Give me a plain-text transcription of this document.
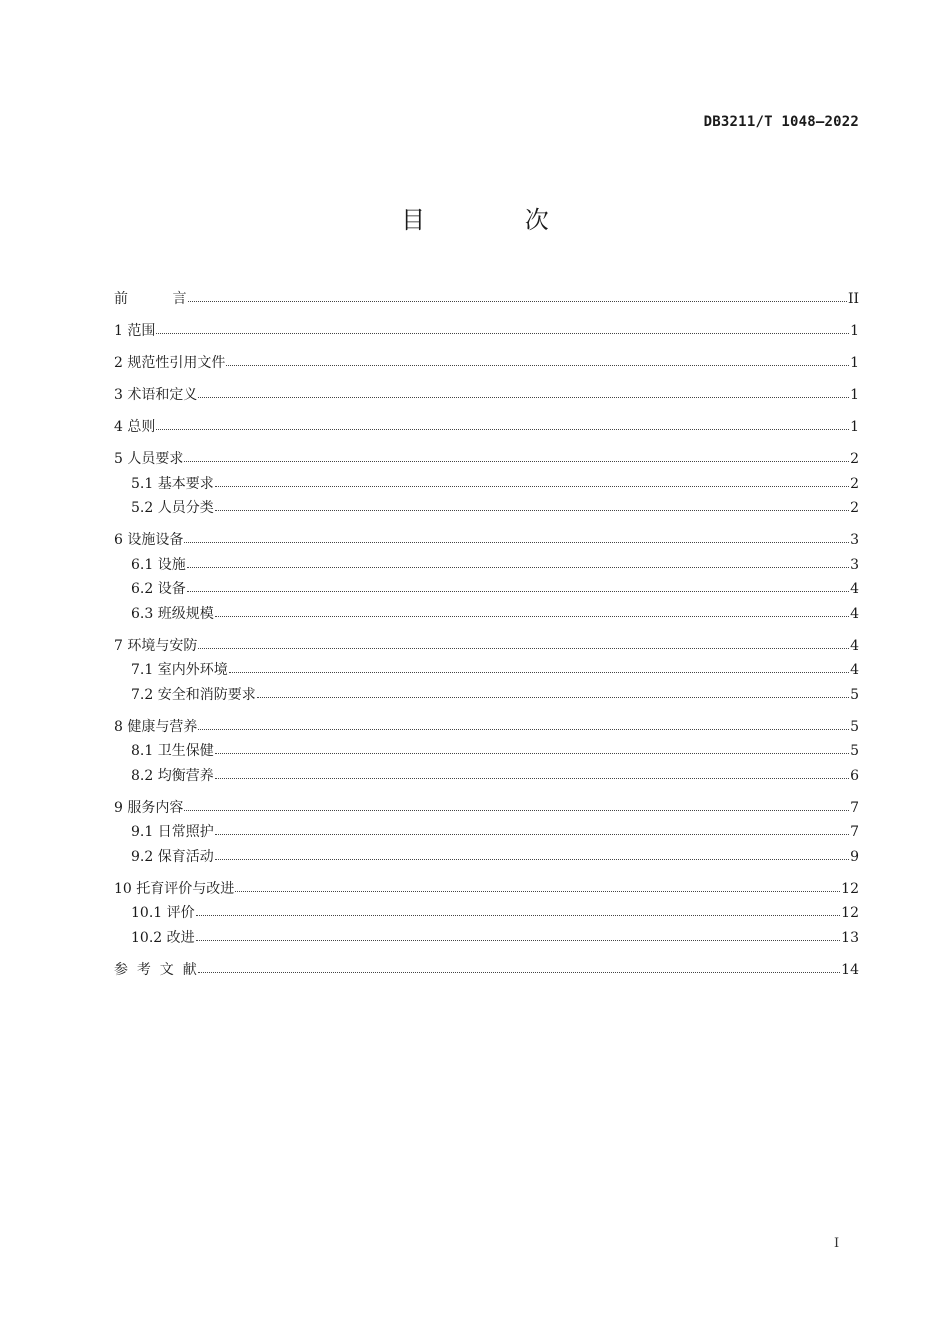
DB3211/T 1048—2022
目 次
前          言	II
1 范围	1
2 规范性引用文件	1
3 术语和定义	1
4 总则	1
5 人员要求	2
5.1 基本要求	2
5.2 人员分类	2
6 设施设备	3
6.1 设施	3
6.2 设备	4
6.3 班级规模	4
7 环境与安防	4
7.1 室内外环境	4
7.2 安全和消防要求	5
8 健康与营养	5
8.1 卫生保健	5
8.2 均衡营养	6
9 服务内容	7
9.1 日常照护	7
9.2 保育活动	9
10 托育评价与改进	12
10.1 评价	12
10.2 改进	13
参  考  文  献	14
I
